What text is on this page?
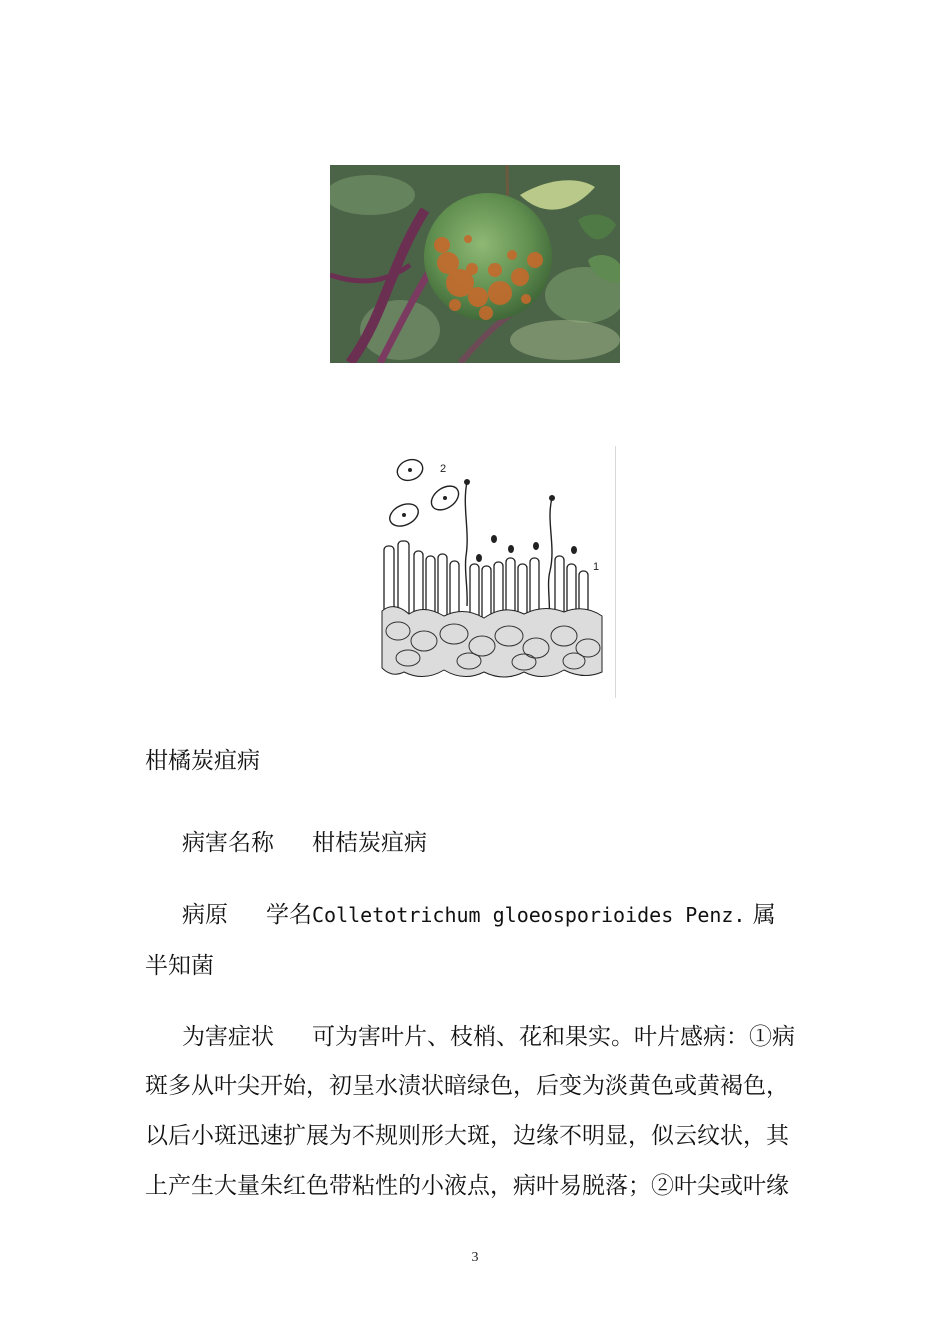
2
1
柑橘炭疽病
病害名称 柑桔炭疽病
病原 学名Colletotrichum gloeosporioides Penz. 属
半知菌
为害症状 可为害叶片、枝梢、花和果实。叶片感病：①病
斑多从叶尖开始，初呈水渍状暗绿色，后变为淡黄色或黄褐色，
以后小斑迅速扩展为不规则形大斑，边缘不明显，似云纹状，其
上产生大量朱红色带粘性的小液点，病叶易脱落；②叶尖或叶缘
3
